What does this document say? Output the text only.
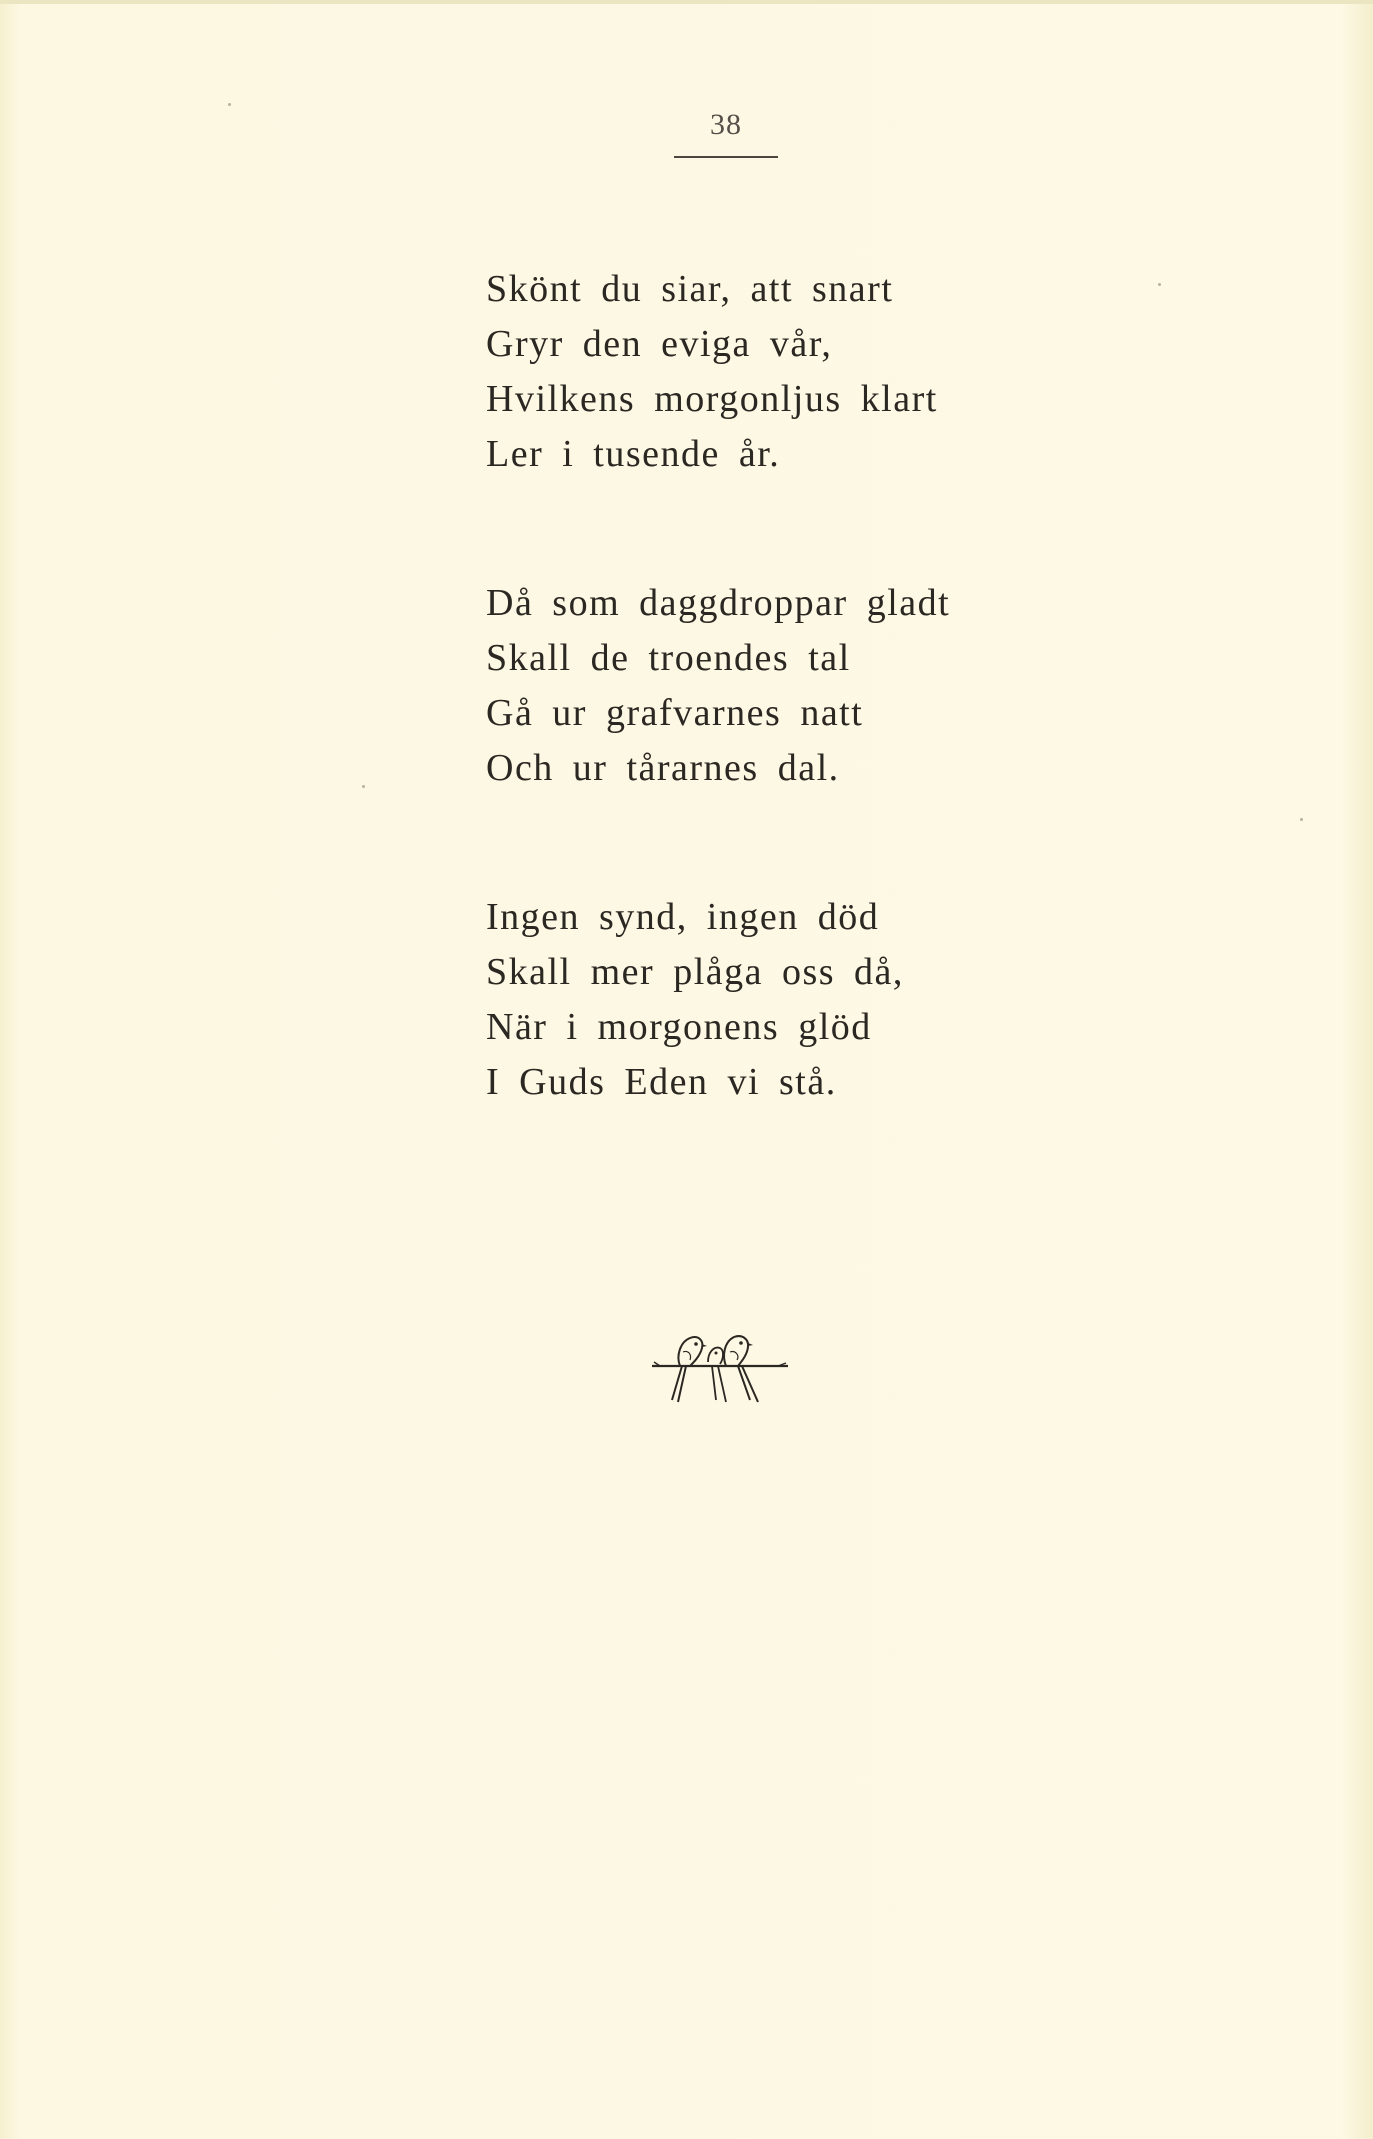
38
Skönt du siar, att snart
Gryr den eviga vår,
Hvilkens morgonljus klart
Ler i tusende år.
Då som daggdroppar gladt
Skall de troendes tal
Gå ur grafvarnes natt
Och ur tårarnes dal.
Ingen synd, ingen död
Skall mer plåga oss då,
När i morgonens glöd
I Guds Eden vi stå.
